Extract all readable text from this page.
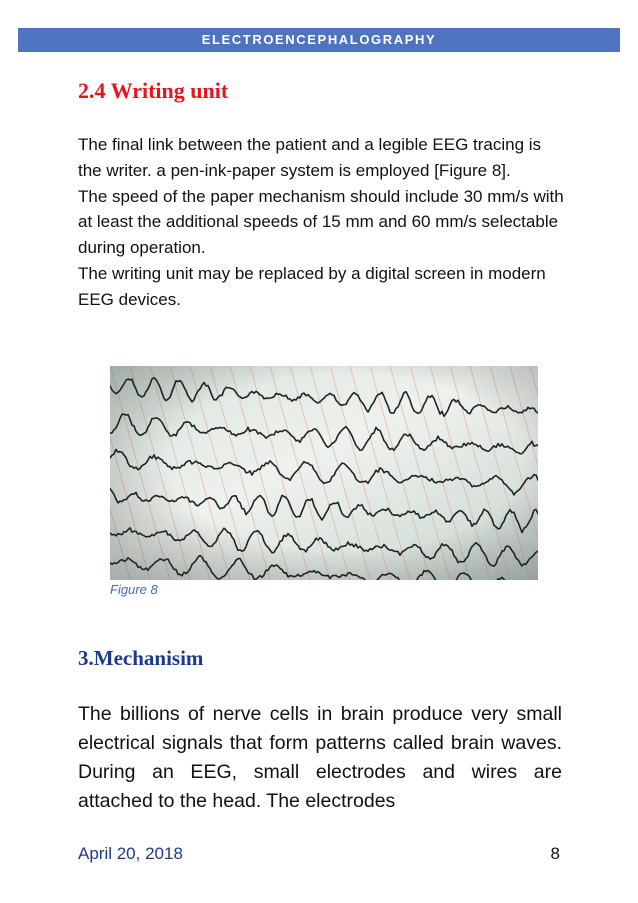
ELECTROENCEPHALOGRAPHY
2.4 Writing unit

The final link between the patient and a legible EEG tracing is the writer. a pen-ink-paper system is employed [Figure 8].

The speed of the paper mechanism should include 30 mm/s with at least the additional speeds of 15 mm and 60 mm/s selectable during operation.

The writing unit may be replaced by a digital screen in modern EEG devices.

Figure 8
3.Mechanisim
The billions of nerve cells in brain produce very small electrical signals that form patterns called brain waves. During an EEG, small electrodes and wires are attached to the head. The electrodes
April 20, 2018	8
